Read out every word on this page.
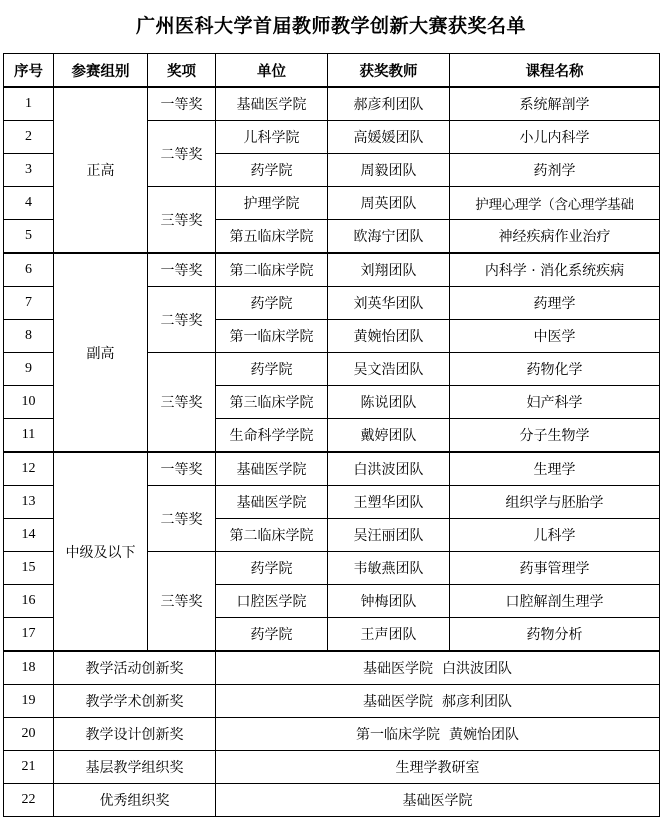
广州医科大学首届教师教学创新大赛获奖名单
序号	参赛组别	奖项	单位	获奖教师	课程名称
1	正高	一等奖	基础医学院	郝彦利团队	系统解剖学
2		二等奖	儿科学院	高媛媛团队	小儿内科学
3			药学院	周毅团队	药剂学
4		三等奖	护理学院	周英团队	护理心理学（含心理学基础
5			第五临床学院	欧海宁团队	神经疾病作业治疗
6	副高	一等奖	第二临床学院	刘翔团队	内科学 · 消化系统疾病
7		二等奖	药学院	刘英华团队	药理学
8			第一临床学院	黄婉怡团队	中医学
9		三等奖	药学院	吴文浩团队	药物化学
10			第三临床学院	陈说团队	妇产科学
11			生命科学学院	戴婷团队	分子生物学
12	中级及以下	一等奖	基础医学院	白洪波团队	生理学
13		二等奖	基础医学院	王塑华团队	组织学与胚胎学
14			第二临床学院	吴汪丽团队	儿科学
15		三等奖	药学院	韦敏燕团队	药事管理学
16			口腔医学院	钟梅团队	口腔解剖生理学
17			药学院	王声团队	药物分析
18	教学活动创新奖		基础医学院  白洪波团队		
19	教学学术创新奖		基础医学院  郝彦利团队		
20	教学设计创新奖		第一临床学院  黄婉怡团队		
21	基层教学组织奖		生理学教研室		
22	优秀组织奖		基础医学院		
